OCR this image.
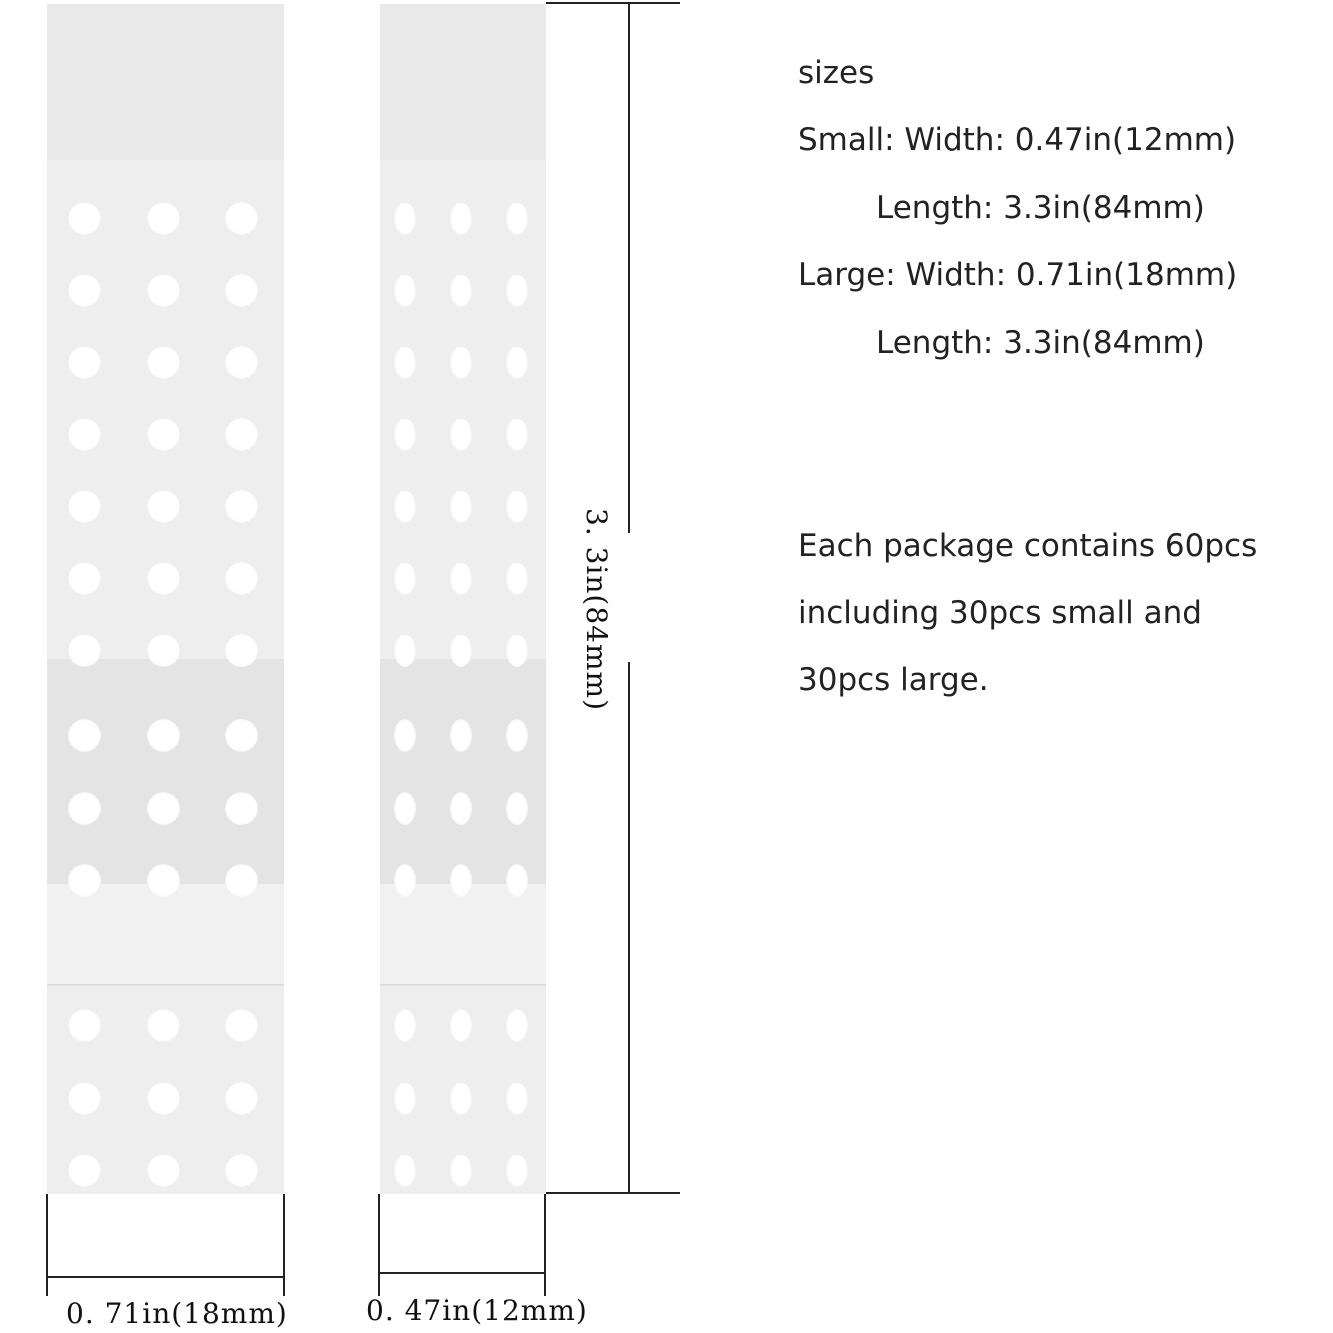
0. 71in(18mm)	0. 47in(12mm)
3. 3in(84mm)
sizes
Small: Width: 0.47in(12mm)
Length: 3.3in(84mm)
Large: Width: 0.71in(18mm)
Length: 3.3in(84mm)
Each package contains 60pcs
including 30pcs small and
30pcs large.
